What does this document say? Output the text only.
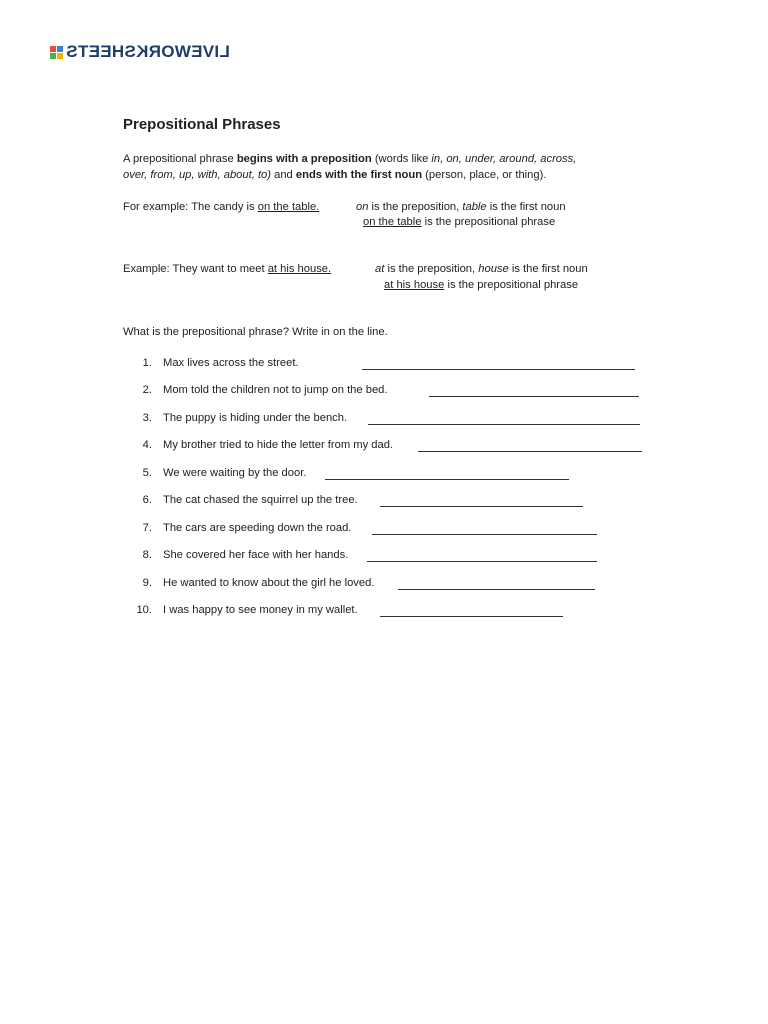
LIVEWORKSHEETS
Prepositional Phrases
A prepositional phrase begins with a preposition (words like in, on, under, around, across,
over, from, up, with, about, to) and ends with the first noun (person, place, or thing).
For example: The candy is on the table.	on is the preposition, table is the first noun
on the table is the prepositional phrase
Example: They want to meet at his house.	at is the preposition, house is the first noun
at his house is the prepositional phrase
What is the prepositional phrase? Write in on the line.
1. Max lives across the street.
2. Mom told the children not to jump on the bed.
3. The puppy is hiding under the bench.
4. My brother tried to hide the letter from my dad.
5. We were waiting by the door.
6. The cat chased the squirrel up the tree.
7. The cars are speeding down the road.
8. She covered her face with her hands.
9. He wanted to know about the girl he loved.
10. I was happy to see money in my wallet.
